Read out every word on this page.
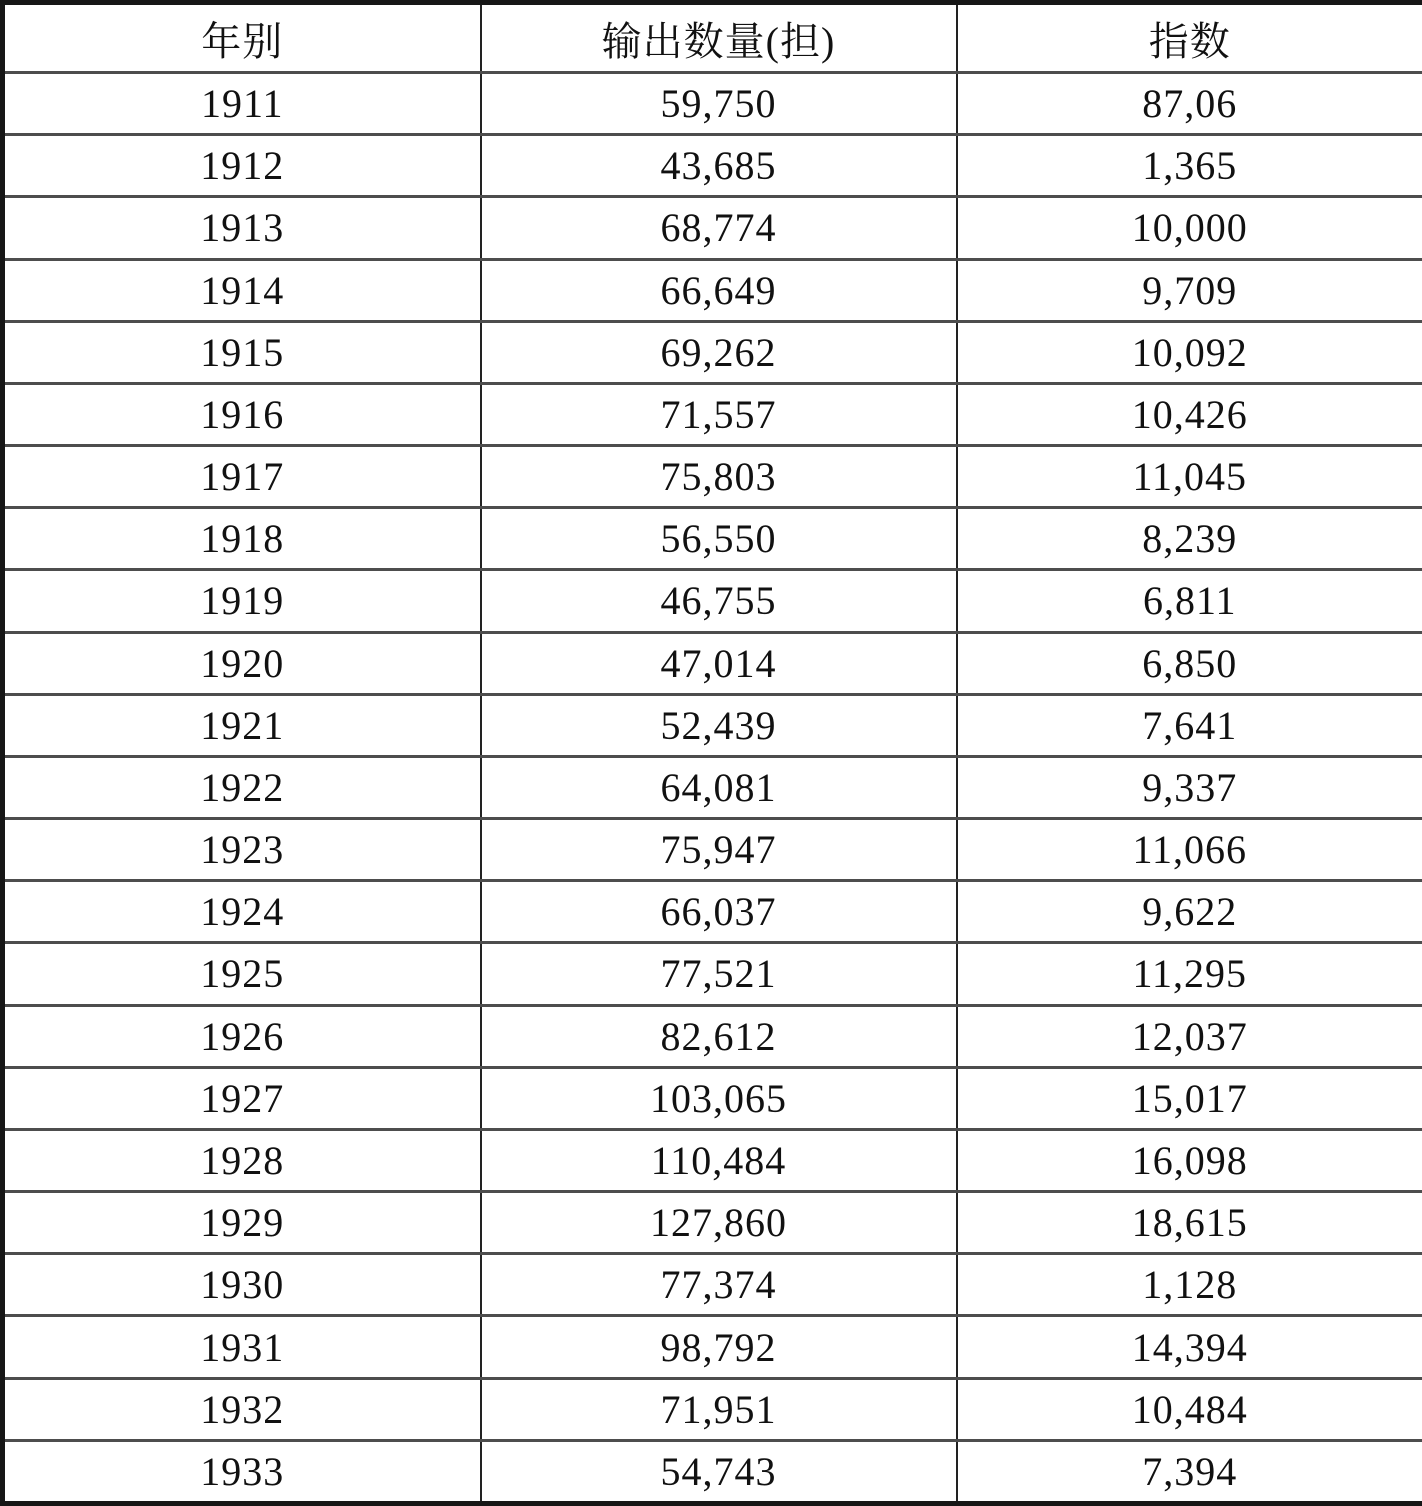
年别	输出数量(担)	指数
1911	59,750	87,06
1912	43,685	1,365
1913	68,774	10,000
1914	66,649	9,709
1915	69,262	10,092
1916	71,557	10,426
1917	75,803	11,045
1918	56,550	8,239
1919	46,755	6,811
1920	47,014	6,850
1921	52,439	7,641
1922	64,081	9,337
1923	75,947	11,066
1924	66,037	9,622
1925	77,521	11,295
1926	82,612	12,037
1927	103,065	15,017
1928	110,484	16,098
1929	127,860	18,615
1930	77,374	1,128
1931	98,792	14,394
1932	71,951	10,484
1933	54,743	7,394
